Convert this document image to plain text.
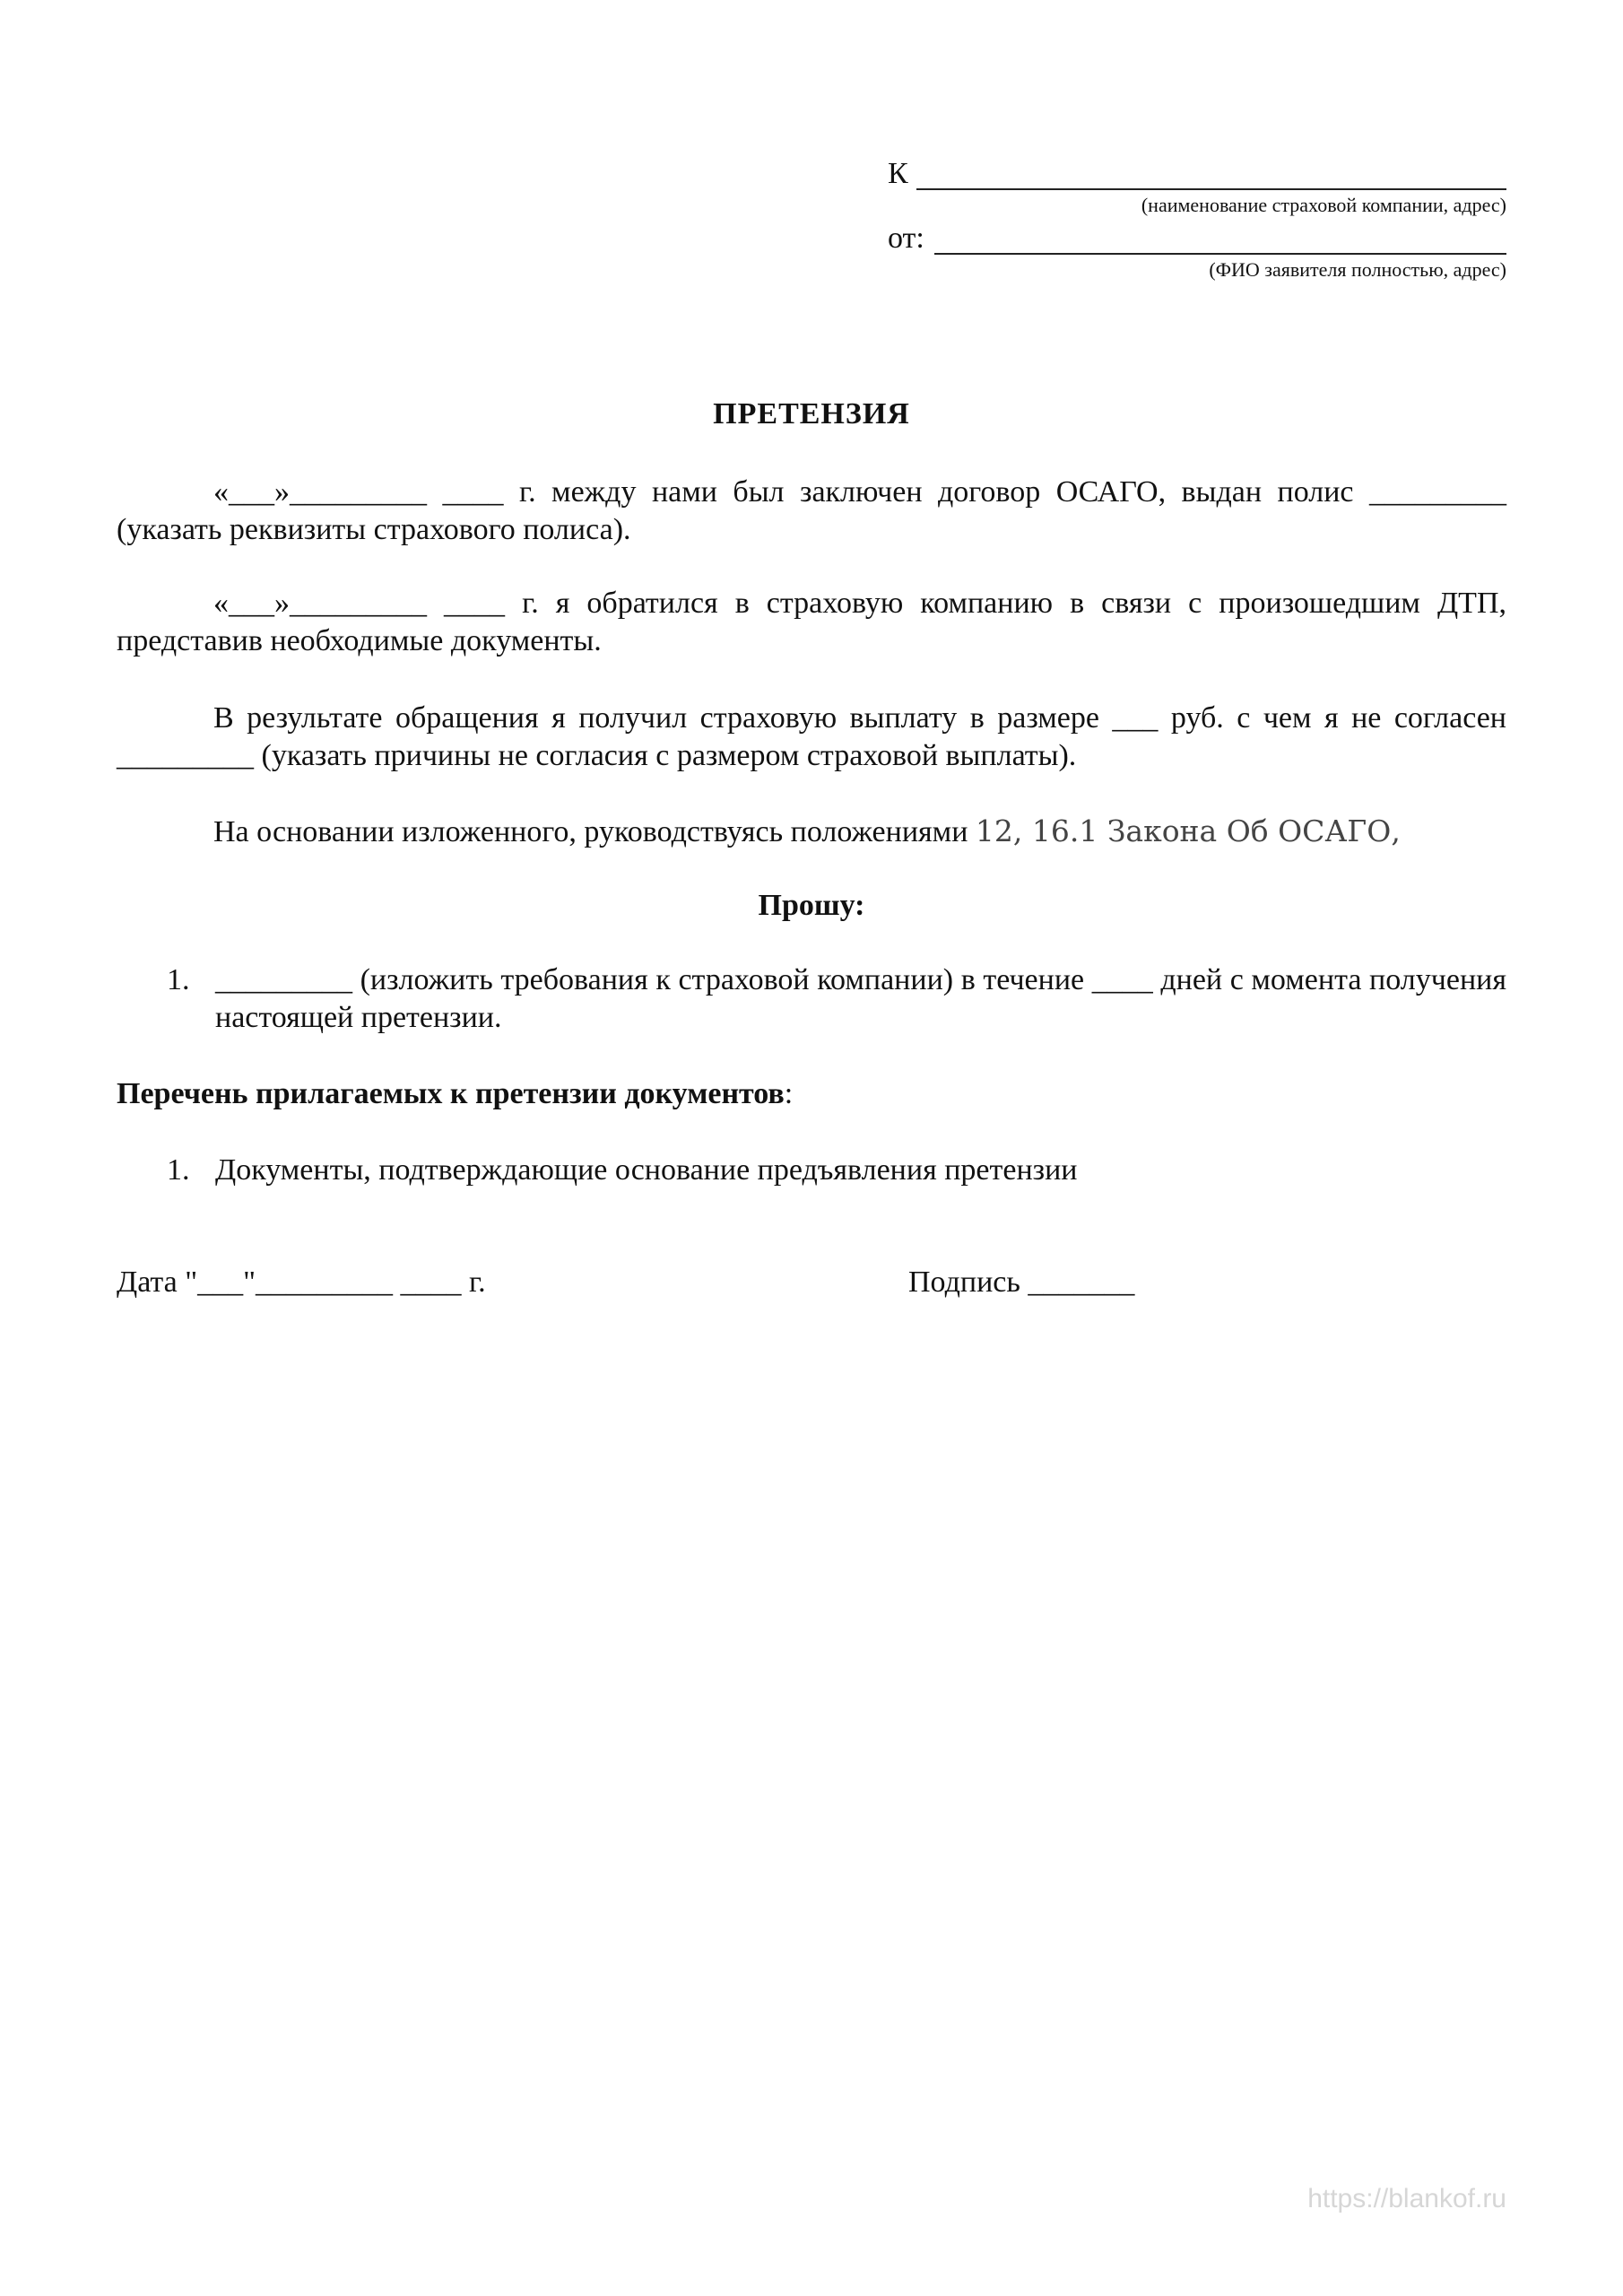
К
(наименование страховой компании, адрес)
от:
(ФИО заявителя полностью, адрес)
ПРЕТЕНЗИЯ
«___»_________ ____ г. между нами был заключен договор ОСАГО, выдан полис _________ (указать реквизиты страхового полиса).
«___»_________ ____ г. я обратился в страховую компанию в связи с произошедшим ДТП, представив необходимые документы.
В результате обращения я получил страховую выплату в размере ___ руб. с чем я не согласен _________ (указать причины не согласия с размером страховой выплаты).
На основании изложенного, руководствуясь положениями 12, 16.1 Закона Об ОСАГО,
Прошу:
1. _________ (изложить требования к страховой компании) в течение ____ дней с момента получения настоящей претензии.
Перечень прилагаемых к претензии документов:
1. Документы, подтверждающие основание предъявления претензии
Дата "___"_________ ____ г.	Подпись _______
https://blankof.ru
